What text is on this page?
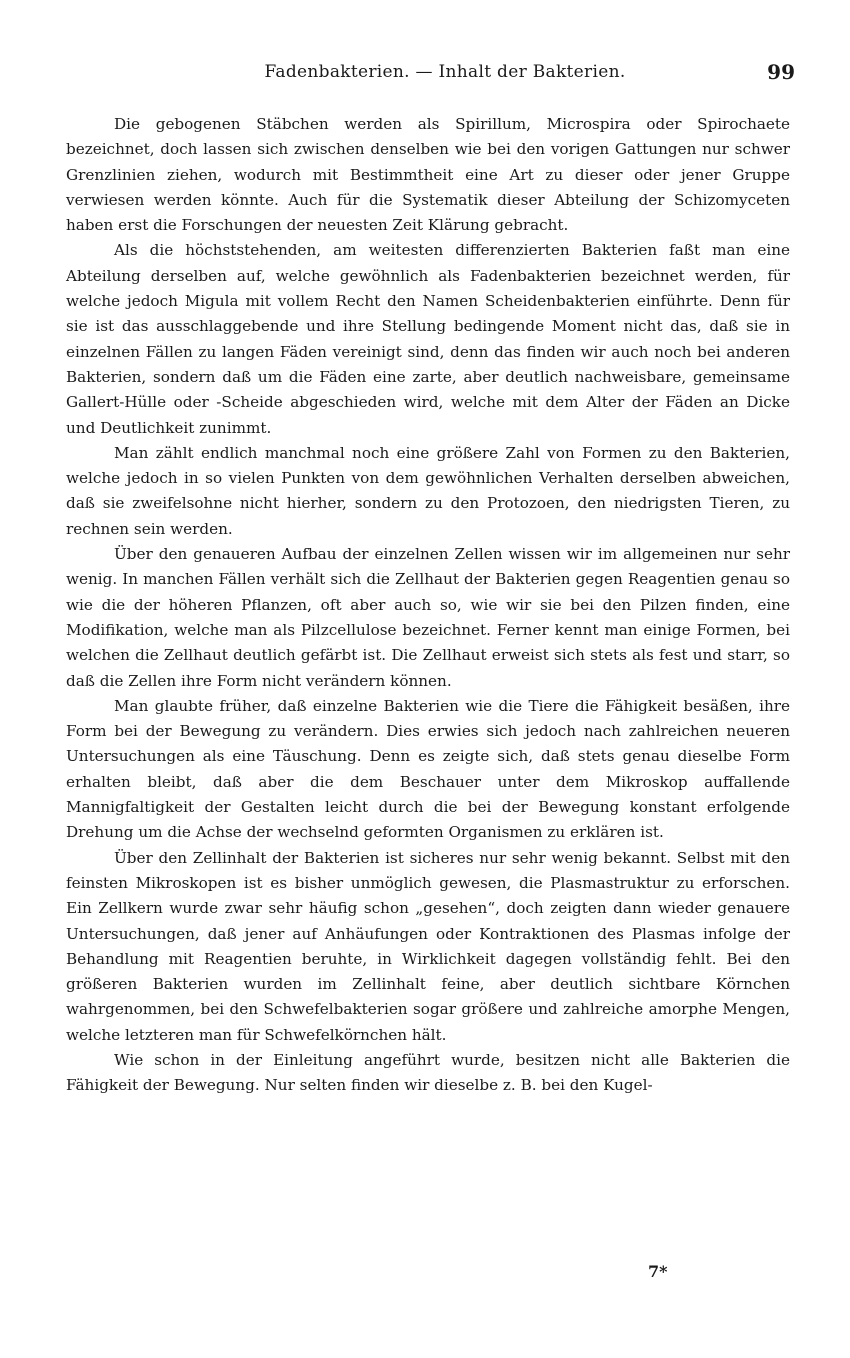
Fadenbakterien. — Inhalt der Bakterien.	99

Die gebogenen Stäbchen werden als Spirillum, Microspira oder Spirochaete bezeichnet, doch lassen sich zwischen denselben wie bei den vorigen Gattungen nur schwer Grenzlinien ziehen, wodurch mit Bestimmtheit eine Art zu dieser oder jener Gruppe verwiesen werden könnte. Auch für die Systematik dieser Abteilung der Schizomyceten haben erst die Forschungen der neuesten Zeit Klärung gebracht.

Als die höchststehenden, am weitesten differenzierten Bakterien faßt man eine Abteilung derselben auf, welche gewöhnlich als Fadenbakterien bezeichnet werden, für welche jedoch Migula mit vollem Recht den Namen Scheidenbakterien einführte. Denn für sie ist das ausschlaggebende und ihre Stellung bedingende Moment nicht das, daß sie in einzelnen Fällen zu langen Fäden vereinigt sind, denn das finden wir auch noch bei anderen Bakterien, sondern daß um die Fäden eine zarte, aber deutlich nachweisbare, gemeinsame Gallert-Hülle oder -Scheide abgeschieden wird, welche mit dem Alter der Fäden an Dicke und Deutlichkeit zunimmt.

Man zählt endlich manchmal noch eine größere Zahl von Formen zu den Bakterien, welche jedoch in so vielen Punkten von dem gewöhnlichen Verhalten derselben abweichen, daß sie zweifelsohne nicht hierher, sondern zu den Protozoen, den niedrigsten Tieren, zu rechnen sein werden.

Über den genaueren Aufbau der einzelnen Zellen wissen wir im allgemeinen nur sehr wenig. In manchen Fällen verhält sich die Zellhaut der Bakterien gegen Reagentien genau so wie die der höheren Pflanzen, oft aber auch so, wie wir sie bei den Pilzen finden, eine Modifikation, welche man als Pilzcellulose bezeichnet. Ferner kennt man einige Formen, bei welchen die Zellhaut deutlich gefärbt ist. Die Zellhaut erweist sich stets als fest und starr, so daß die Zellen ihre Form nicht verändern können.

Man glaubte früher, daß einzelne Bakterien wie die Tiere die Fähigkeit besäßen, ihre Form bei der Bewegung zu verändern. Dies erwies sich jedoch nach zahlreichen neueren Untersuchungen als eine Täuschung. Denn es zeigte sich, daß stets genau dieselbe Form erhalten bleibt, daß aber die dem Beschauer unter dem Mikroskop auffallende Mannigfaltigkeit der Gestalten leicht durch die bei der Bewegung konstant erfolgende Drehung um die Achse der wechselnd geformten Organismen zu erklären ist.

Über den Zellinhalt der Bakterien ist sicheres nur sehr wenig bekannt. Selbst mit den feinsten Mikroskopen ist es bisher unmöglich gewesen, die Plasmastruktur zu erforschen. Ein Zellkern wurde zwar sehr häufig schon „gesehen“, doch zeigten dann wieder genauere Untersuchungen, daß jener auf Anhäufungen oder Kontraktionen des Plasmas infolge der Behandlung mit Reagentien beruhte, in Wirklichkeit dagegen vollständig fehlt. Bei den größeren Bakterien wurden im Zellinhalt feine, aber deutlich sichtbare Körnchen wahrgenommen, bei den Schwefelbakterien sogar größere und zahlreiche amorphe Mengen, welche letzteren man für Schwefelkörnchen hält.

Wie schon in der Einleitung angeführt wurde, besitzen nicht alle Bakterien die Fähigkeit der Bewegung. Nur selten finden wir dieselbe z. B. bei den Kugel-

7*
